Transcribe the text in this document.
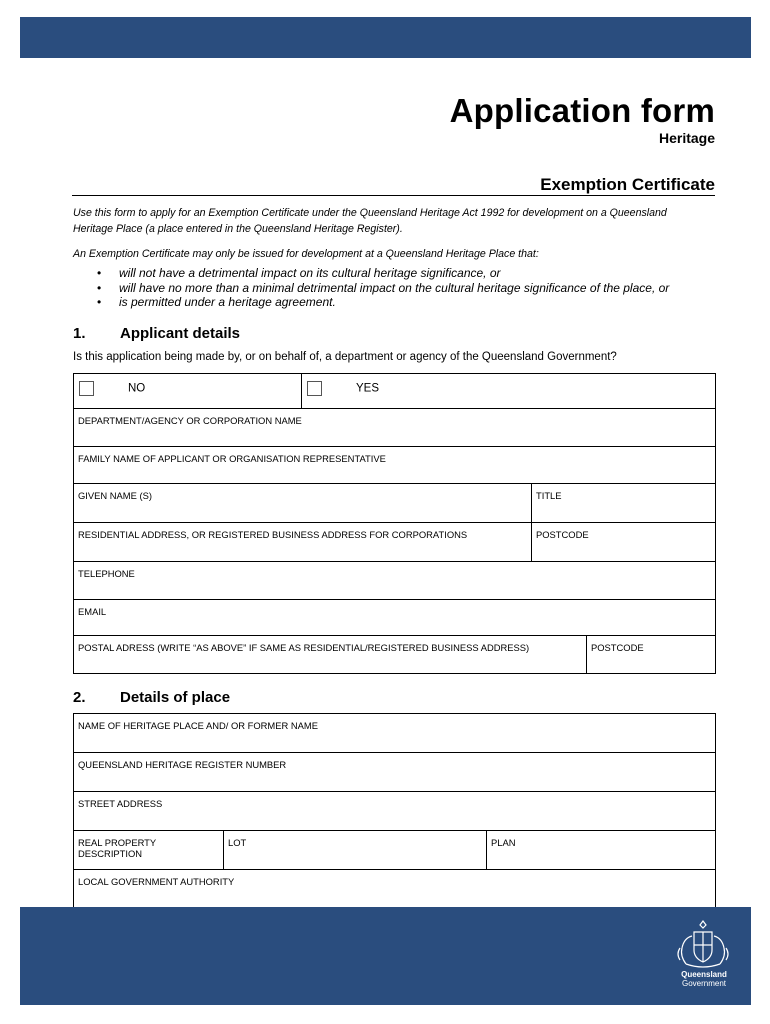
Application form
Heritage
Exemption Certificate
Use this form to apply for an Exemption Certificate under the Queensland Heritage Act 1992 for development on a Queensland Heritage Place (a place entered in the Queensland Heritage Register).
An Exemption Certificate may only be issued for development at a Queensland Heritage Place that:
• will not have a detrimental impact on its cultural heritage significance, or
• will have no more than a minimal detrimental impact on the cultural heritage significance of the place, or
• is permitted under a heritage agreement.
1. Applicant details
Is this application being made by, or on behalf of, a department or agency of the Queensland Government?
NO	YES		
DEPARTMENT/AGENCY OR CORPORATION NAME			
FAMILY NAME OF APPLICANT OR ORGANISATION REPRESENTATIVE			
GIVEN NAME (S)		TITLE	
RESIDENTIAL ADDRESS, OR REGISTERED BUSINESS ADDRESS FOR CORPORATIONS		POSTCODE	
TELEPHONE			
EMAIL			
POSTAL ADRESS (WRITE “AS ABOVE” IF SAME AS RESIDENTIAL/REGISTERED BUSINESS ADDRESS)			POSTCODE
2. Details of place
NAME OF HERITAGE PLACE AND/ OR FORMER NAME
QUEENSLAND HERITAGE REGISTER NUMBER
STREET ADDRESS
REAL PROPERTY DESCRIPTION	LOT	PLAN
LOCAL GOVERNMENT AUTHORITY
Queensland
Government
